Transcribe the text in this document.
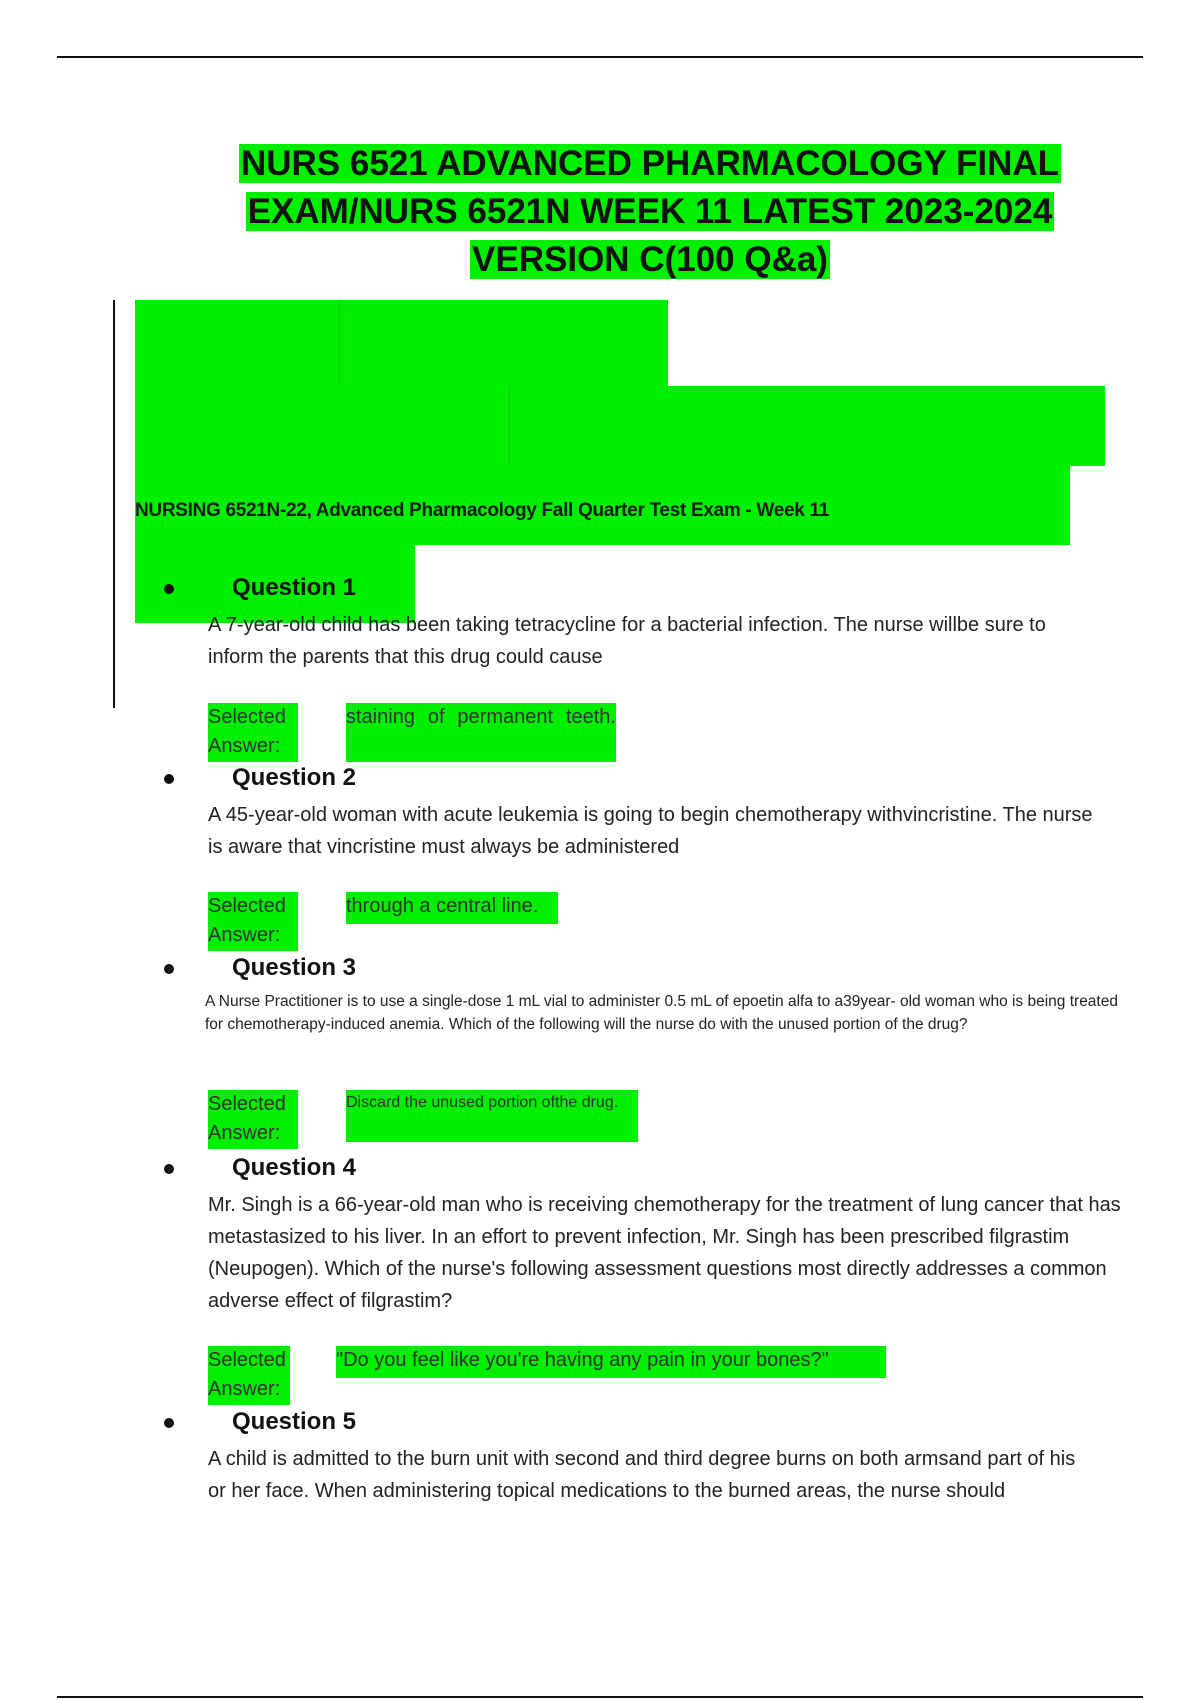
NURS 6521 ADVANCED PHARMACOLOGY FINAL
EXAM/NURS 6521N WEEK 11 LATEST 2023-2024
VERSION C(100 Q&a)
NURSING 6521N-22, Advanced Pharmacology Fall Quarter Test Exam - Week 11
Question 1
A 7-year-old child has been taking tetracycline for a bacterial infection. The nurse willbe sure to inform the parents that this drug could cause
Selected Answer:
staining of permanent teeth.
Question 2
A 45-year-old woman with acute leukemia is going to begin chemotherapy withvincristine. The nurse is aware that vincristine must always be administered
Selected Answer:
through a central line.
Question 3
A Nurse Practitioner is to use a single-dose 1 mL vial to administer 0.5 mL of epoetin alfa to a39year- old woman who is being treated for chemotherapy-induced anemia. Which of the following will the nurse do with the unused portion of the drug?
Selected Answer:
Discard the unused portion ofthe drug.
Question 4
Mr. Singh is a 66-year-old man who is receiving chemotherapy for the treatment of lung cancer that has metastasized to his liver. In an effort to prevent infection, Mr. Singh has been prescribed filgrastim (Neupogen). Which of the nurse's following assessment questions most directly addresses a common adverse effect of filgrastim?
Selected Answer:
"Do you feel like you're having any pain in your bones?"
Question 5
A child is admitted to the burn unit with second and third degree burns on both armsand part of his or her face. When administering topical medications to the burned areas, the nurse should
